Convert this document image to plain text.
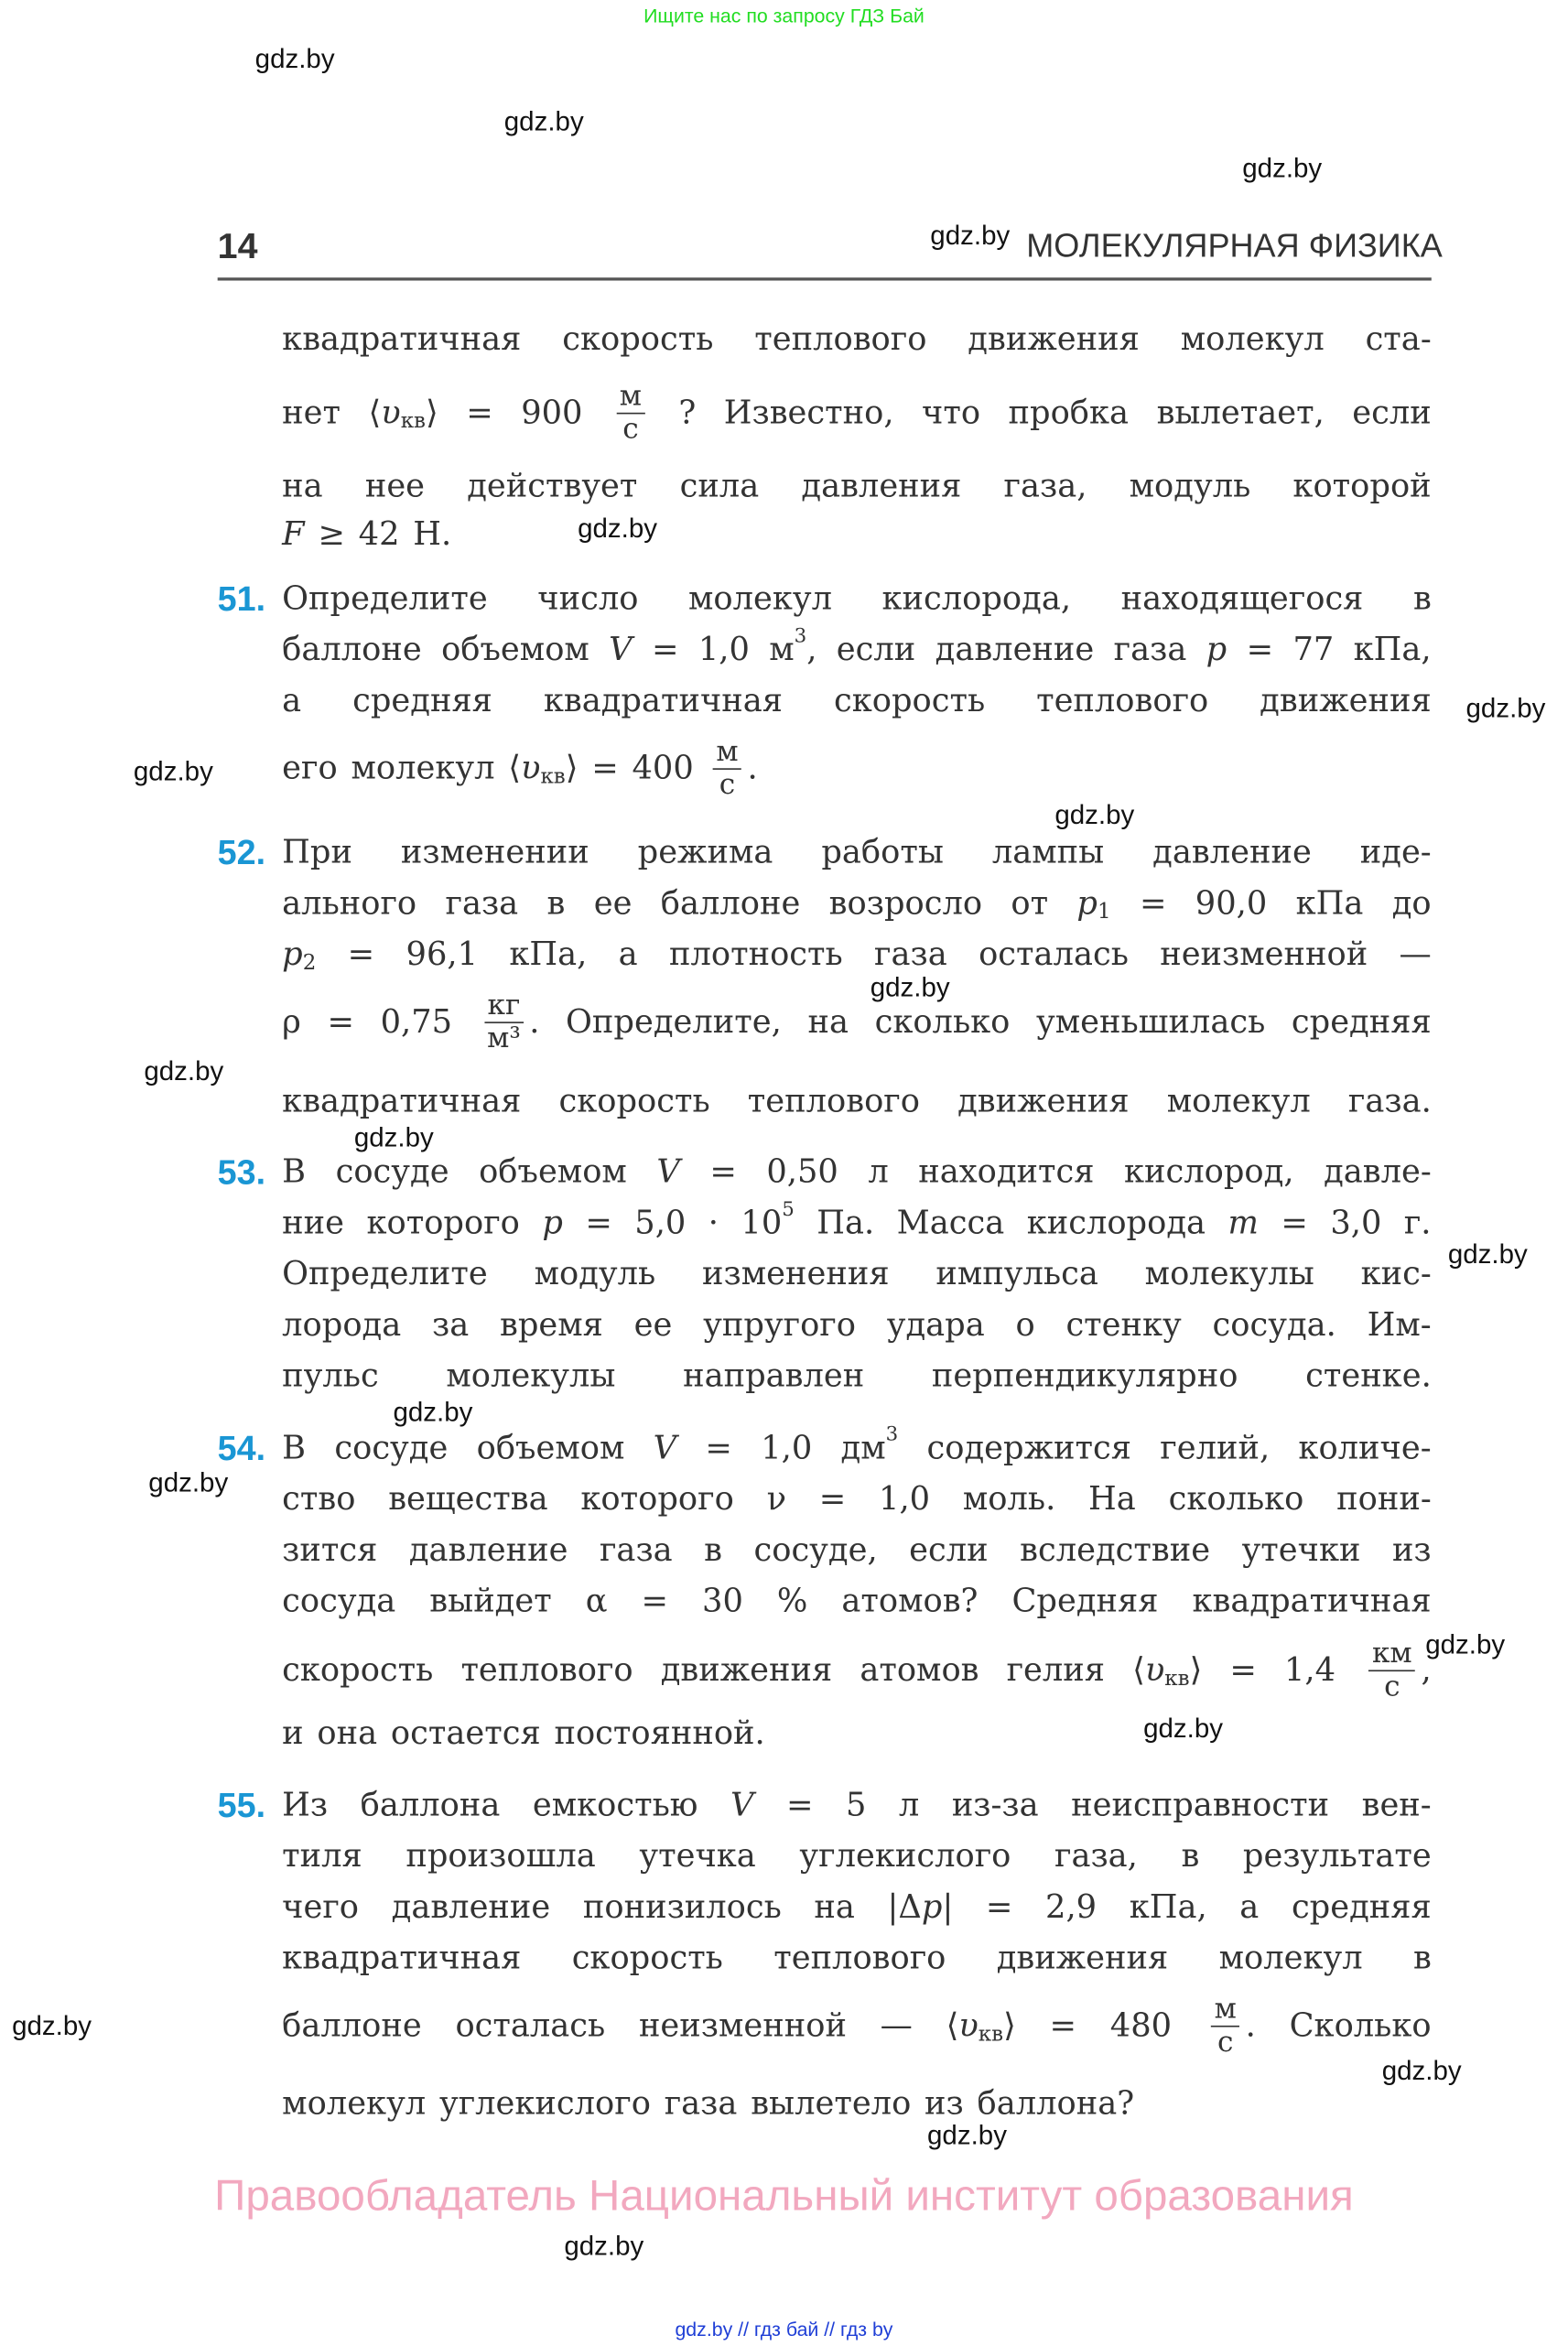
Ищите нас по запросу ГДЗ Бай
14	МОЛЕКУЛЯРНАЯ ФИЗИКА
gdz.by
gdz.by
gdz.by
gdz.by
gdz.by
gdz.by
gdz.by
gdz.by
gdz.by
gdz.by
gdz.by
gdz.by
gdz.by
gdz.by
gdz.by
gdz.by
gdz.by
gdz.by
gdz.by
gdz.by
51.
52.
53.
54.
55.
квадратичная скорость теплового движения молекул ста-
нет ⟨ υ кв ⟩ = $900 \frac{м}{с}$ ? Известно, что пробка вылетает, если
на нее действует сила давления газа, модуль которой
F ≥ 42 Н.
Определите	число	молекул	кислорода,	находящегося	в
баллоне объемом V = 1,0 м 3 , если давление газа p = 77 кПа,
а	средняя	квадратичная	скорость	теплового	движения
его молекул ⟨ υ кв ⟩ = $400 \frac{м}{с}$ .
При изменении режима работы лампы давление иде-
ального газа в ее баллоне возросло от p 1 = 90,0 кПа до
p 2 = 96,1 кПа, а плотность газа осталась неизменной —
$\rho = 0,75 \frac{кг}{\text{м³}}$ . Определите, на сколько уменьшилась средняя
квадратичная скорость теплового движения молекул газа.
В сосуде объемом V = 0,50 л находится кислород, давле-
ние которого p = 5,0 · 10 5 Па. Масса кислорода m = 3,0 г.
Определите модуль изменения импульса молекулы кис-
лорода за время ее упругого удара о стенку сосуда. Им-
пульс	молекулы	направлен	перпендикулярно	стенке.
В сосуде объемом V = 1,0 дм 3 содержится гелий, количе-
ство вещества которого ν = 1,0 моль. На сколько пони-
зится давление газа в сосуде, если вследствие утечки из
сосуда выйдет α = 30 % атомов? Средняя квадратичная
скорость теплового движения атомов гелия ⟨ υ кв ⟩ = $1,4 \frac{км}{с}$ ,
и она остается постоянной.
Из баллона емкостью V = 5 л из-за неисправности вен-
тиля произошла утечка углекислого газа, в результате
чего давление понизилось на |Δ p | = 2,9 кПа, а средняя
квадратичная	скорость	теплового	движения	молекул	в
баллоне осталась неизменной — ⟨ υ кв ⟩ = $480 \frac{м}{с}$ . Сколько
молекул углекислого газа вылетело из баллона?
Правообладатель Национальный институт образования
gdz.by // гдз бай // гдз by
